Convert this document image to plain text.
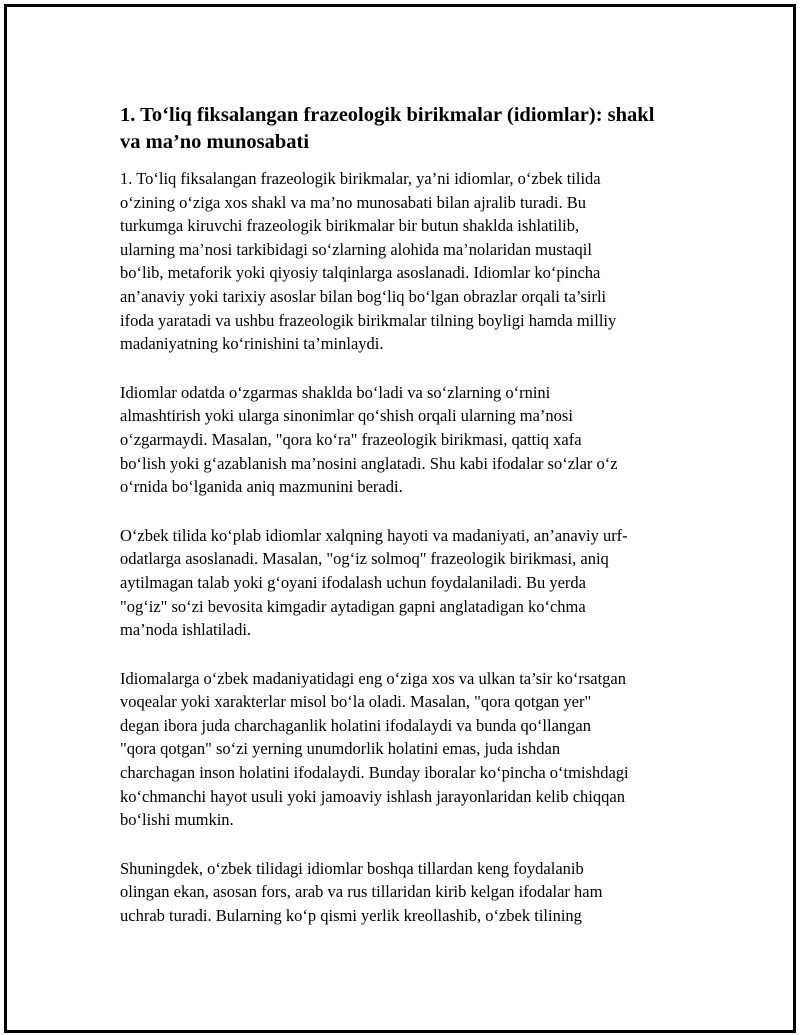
1. To‘liq fiksalangan frazeologik birikmalar (idiomlar): shakl
va ma’no munosabati

1. To‘liq fiksalangan frazeologik birikmalar, ya’ni idiomlar, o‘zbek tilida
o‘zining o‘ziga xos shakl va ma’no munosabati bilan ajralib turadi. Bu
turkumga kiruvchi frazeologik birikmalar bir butun shaklda ishlatilib,
ularning ma’nosi tarkibidagi so‘zlarning alohida ma’nolaridan mustaqil
bo‘lib, metaforik yoki qiyosiy talqinlarga asoslanadi. Idiomlar ko‘pincha
an’anaviy yoki tarixiy asoslar bilan bog‘liq bo‘lgan obrazlar orqali ta’sirli
ifoda yaratadi va ushbu frazeologik birikmalar tilning boyligi hamda milliy
madaniyatning ko‘rinishini ta’minlaydi.

Idiomlar odatda o‘zgarmas shaklda bo‘ladi va so‘zlarning o‘rnini
almashtirish yoki ularga sinonimlar qo‘shish orqali ularning ma’nosi
o‘zgarmaydi. Masalan, "qora ko‘ra" frazeologik birikmasi, qattiq xafa
bo‘lish yoki g‘azablanish ma’nosini anglatadi. Shu kabi ifodalar so‘zlar o‘z
o‘rnida bo‘lganida aniq mazmunini beradi.

O‘zbek tilida ko‘plab idiomlar xalqning hayoti va madaniyati, an’anaviy urf-
odatlarga asoslanadi. Masalan, "og‘iz solmoq" frazeologik birikmasi, aniq
aytilmagan talab yoki g‘oyani ifodalash uchun foydalaniladi. Bu yerda
"og‘iz" so‘zi bevosita kimgadir aytadigan gapni anglatadigan ko‘chma
ma’noda ishlatiladi.

Idiomalarga o‘zbek madaniyatidagi eng o‘ziga xos va ulkan ta’sir ko‘rsatgan
voqealar yoki xarakterlar misol bo‘la oladi. Masalan, "qora qotgan yer"
degan ibora juda charchaganlik holatini ifodalaydi va bunda qo‘llangan
"qora qotgan" so‘zi yerning unumdorlik holatini emas, juda ishdan
charchagan inson holatini ifodalaydi. Bunday iboralar ko‘pincha o‘tmishdagi
ko‘chmanchi hayot usuli yoki jamoaviy ishlash jarayonlaridan kelib chiqqan
bo‘lishi mumkin.

Shuningdek, o‘zbek tilidagi idiomlar boshqa tillardan keng foydalanib
olingan ekan, asosan fors, arab va rus tillaridan kirib kelgan ifodalar ham
uchrab turadi. Bularning ko‘p qismi yerlik kreollashib, o‘zbek tilining
